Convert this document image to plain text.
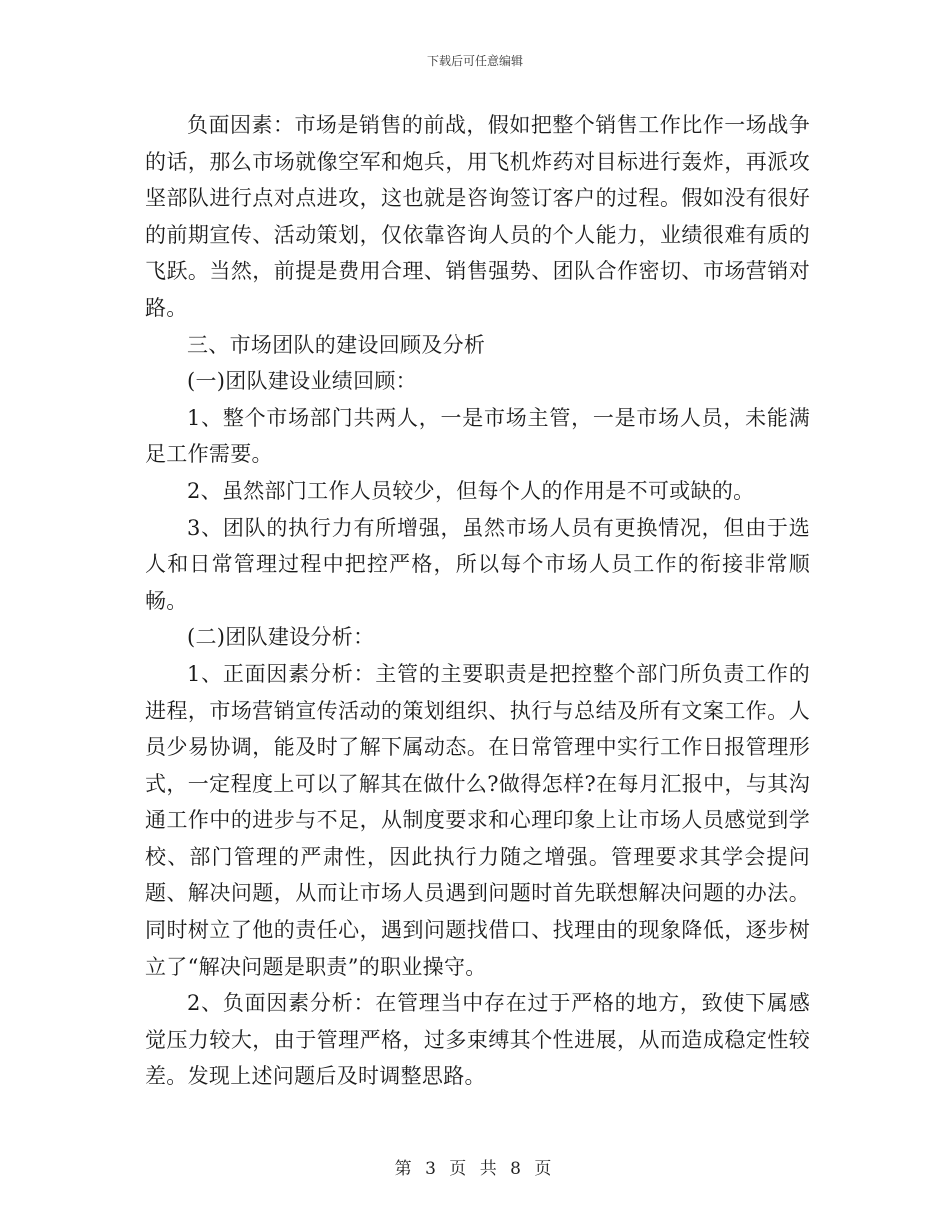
下载后可任意编辑

负面因素：市场是销售的前战，假如把整个销售工作比作一场战争的话，那么市场就像空军和炮兵，用飞机炸药对目标进行轰炸，再派攻坚部队进行点对点进攻，这也就是咨询签订客户的过程。假如没有很好的前期宣传、活动策划，仅依靠咨询人员的个人能力，业绩很难有质的飞跃。当然，前提是费用合理、销售强势、团队合作密切、市场营销对路。

三、市场团队的建设回顾及分析

(一)团队建设业绩回顾：

1、整个市场部门共两人，一是市场主管，一是市场人员，未能满足工作需要。

2、虽然部门工作人员较少，但每个人的作用是不可或缺的。

3、团队的执行力有所增强，虽然市场人员有更换情况，但由于选人和日常管理过程中把控严格，所以每个市场人员工作的衔接非常顺畅。

(二)团队建设分析：

1、正面因素分析：主管的主要职责是把控整个部门所负责工作的进程，市场营销宣传活动的策划组织、执行与总结及所有文案工作。人员少易协调，能及时了解下属动态。在日常管理中实行工作日报管理形式，一定程度上可以了解其在做什么?做得怎样?在每月汇报中，与其沟通工作中的进步与不足，从制度要求和心理印象上让市场人员感觉到学校、部门管理的严肃性，因此执行力随之增强。管理要求其学会提问题、解决问题，从而让市场人员遇到问题时首先联想解决问题的办法。同时树立了他的责任心，遇到问题找借口、找理由的现象降低，逐步树立了“解决问题是职责”的职业操守。

2、负面因素分析：在管理当中存在过于严格的地方，致使下属感觉压力较大，由于管理严格，过多束缚其个性进展，从而造成稳定性较差。发现上述问题后及时调整思路。

第 3 页 共 8 页
